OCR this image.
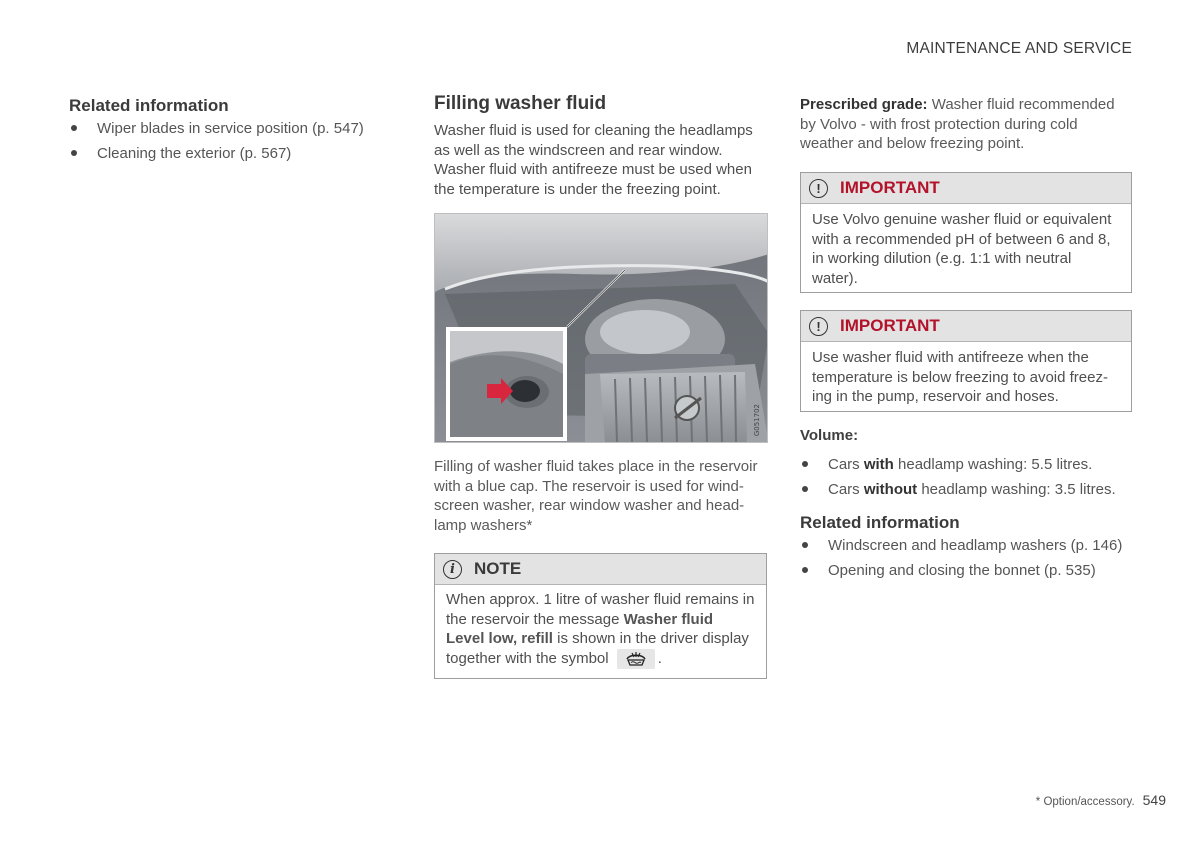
MAINTENANCE AND SERVICE
Related information
Wiper blades in service position (p. 547)
Cleaning the exterior (p. 567)
Filling washer fluid

Washer fluid is used for cleaning the headlamps as well as the windscreen and rear window. Washer fluid with antifreeze must be used when the temperature is under the freezing point.

G051702

Filling of washer fluid takes place in the reservoir with a blue cap. The reservoir is used for wind-screen washer, rear window washer and head-lamp washers*

i	NOTE
When approx. 1 litre of washer fluid remains in the reservoir the message Washer fluid Level low, refill is shown in the driver display together with the symbol	.

Prescribed grade: Washer fluid recommended by Volvo - with frost protection during cold weather and below freezing point.

!	IMPORTANT
Use Volvo genuine washer fluid or equivalent with a recommended pH of between 6 and 8, in working dilution (e.g. 1:1 with neutral water).
!	IMPORTANT
Use washer fluid with antifreeze when the temperature is below freezing to avoid freez-ing in the pump, reservoir and hoses.
Volume:
Cars with headlamp washing: 5.5 litres.
Cars without headlamp washing: 3.5 litres.
Related information
Windscreen and headlamp washers (p. 146)
Opening and closing the bonnet (p. 535)
* Option/accessory. 549
